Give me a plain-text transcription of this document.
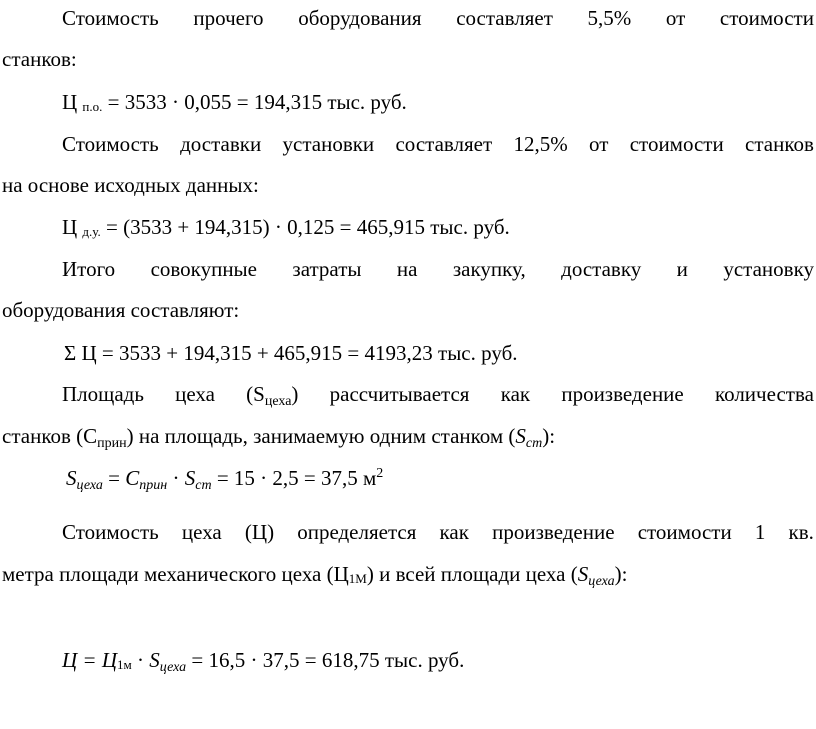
Стоимость прочего оборудования составляет 5,5% от стоимости
станков:
Ц п.о. = 3533 · 0,055 = 194,315 тыс. руб.
Стоимость доставки установки составляет 12,5% от стоимости станков
на основе исходных данных:
Ц д.у. = (3533 + 194,315) · 0,125 = 465,915 тыс. руб.
Итого совокупные затраты на закупку, доставку и установку
оборудования составляют:
Σ Ц = 3533 + 194,315 + 465,915 = 4193,23 тыс. руб.
Площадь цеха (Sцеха) рассчитывается как произведение количества
станков (Сприн) на площадь, занимаемую одним станком (Sст):
Sцеха = Cприн · Sст = 15 · 2,5 = 37,5 $м^2$
Стоимость цеха (Ц) определяется как произведение стоимости 1 кв.
метра площади механического цеха (Ц1М) и всей площади цеха (Sцеха):
Ц = Ц1м · Sцеха = 16,5 · 37,5 = 618,75 тыс. руб.
